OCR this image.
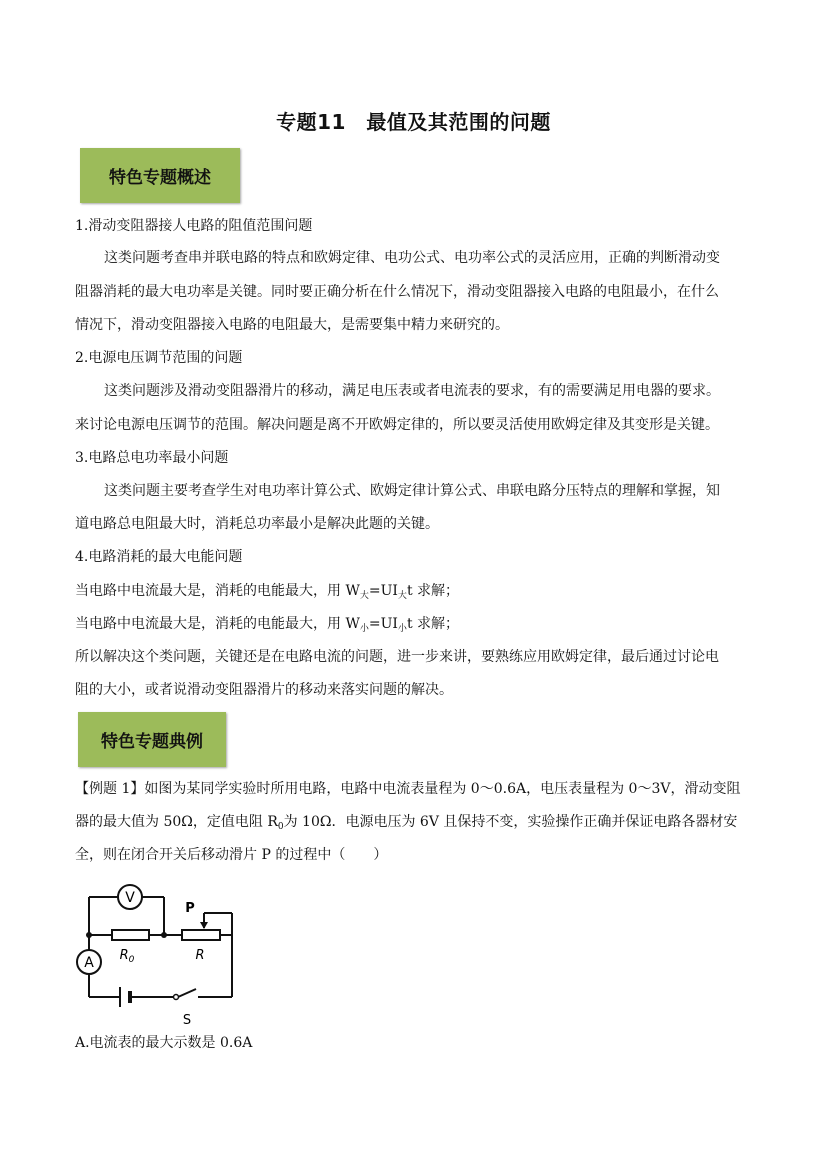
专题11　最值及其范围的问题
特色专题概述
1.滑动变阻器接人电路的阻值范围问题
这类问题考查串并联电路的特点和欧姆定律、电功公式、电功率公式的灵活应用，正确的判断滑动变
阻器消耗的最大电功率是关键。同时要正确分析在什么情况下，滑动变阻器接入电路的电阻最小，在什么
情况下，滑动变阻器接入电路的电阻最大，是需要集中精力来研究的。
2.电源电压调节范围的问题
这类问题涉及滑动变阻器滑片的移动，满足电压表或者电流表的要求，有的需要满足用电器的要求。
来讨论电源电压调节的范围。解决问题是离不开欧姆定律的，所以要灵活使用欧姆定律及其变形是关键。
3.电路总电功率最小问题
这类问题主要考查学生对电功率计算公式、欧姆定律计算公式、串联电路分压特点的理解和掌握，知
道电路总电阻最大时，消耗总功率最小是解决此题的关键。
4.电路消耗的最大电能问题
当电路中电流最大是，消耗的电能最大，用 $W_大=UI_大t$ 求解；
当电路中电流最大是，消耗的电能最大，用 $W_小=UI_小t$ 求解；
所以解决这个类问题，关键还是在电路电流的问题，进一步来讲，要熟练应用欧姆定律，最后通过讨论电
阻的大小，或者说滑动变阻器滑片的移动来落实问题的解决。
特色专题典例
【例题 1】如图为某同学实验时所用电路，电路中电流表量程为 0～0.6A，电压表量程为 0～3V，滑动变阻
器的最大值为 50Ω，定值电阻 $R_0$为 10Ω．电源电压为 6V 且保持不变，实验操作正确并保证电路各器材安
全，则在闭合开关后移动滑片 P 的过程中（　　）
V
A
P
$R_0$	R
S
A.电流表的最大示数是 0.6A
